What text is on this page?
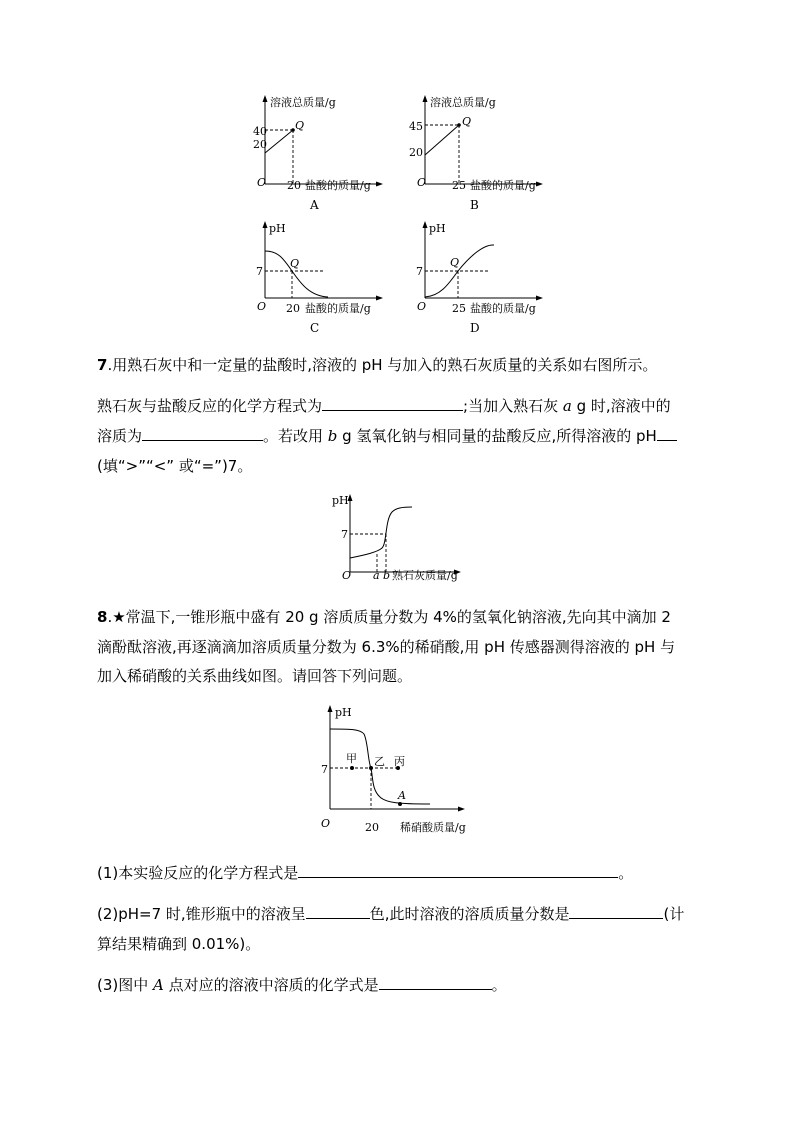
溶液总质量/g
20
40	Q
O 20 盐酸的质量/g
A
溶液总质量/g
20
45	Q
O 25 盐酸的质量/g
B
pH
7
Q
O 20 盐酸的质量/g
C
pH
7
Q
O 25 盐酸的质量/g
D

7.用熟石灰中和一定量的盐酸时,溶液的 pH 与加入的熟石灰质量的关系如右图所示。

熟石灰与盐酸反应的化学方程式为	;当加入熟石灰 a g 时,溶液中的

溶质为	。若改用 b g 氢氧化钠与相同量的盐酸反应,所得溶液的 pH

(填“>”“<” 或“=”)7。

pH
7
O a b 熟石灰质量/g

8.★常温下,一锥形瓶中盛有 20 g 溶质质量分数为 4%的氢氧化钠溶液,先向其中滴加 2

滴酚酞溶液,再逐滴滴加溶质质量分数为 6.3%的稀硝酸,用 pH 传感器测得溶液的 pH 与

加入稀硝酸的关系曲线如图。请回答下列问题。

pH
7
甲 乙 丙
A
O	20 稀硝酸质量/g

(1)本实验反应的化学方程式是	。

(2)pH=7 时,锥形瓶中的溶液呈	色,此时溶液的溶质质量分数是	(计

算结果精确到 0.01%)。

(3)图中 A 点对应的溶液中溶质的化学式是	。
